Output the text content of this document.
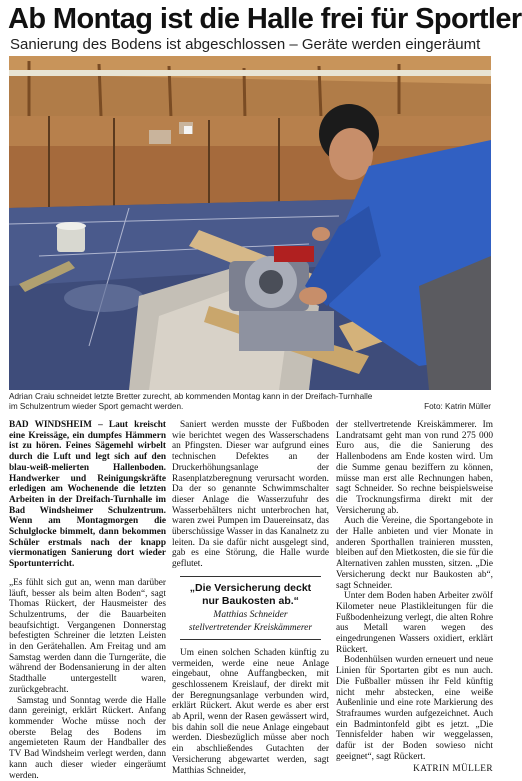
Ab Montag ist die Halle frei für Sportler
Sanierung des Bodens ist abgeschlossen – Geräte werden eingeräumt
Adrian Craiu schneidet letzte Bretter zurecht, ab kommenden Montag kann in der Dreifach-Turnhalle im Schulzentrum wieder Sport gemacht werden.	Foto: Katrin Müller

BAD WINDSHEIM – Laut kreischt eine Kreissäge, ein dumpfes Hämmern ist zu hören. Feines Sägemehl wirbelt durch die Luft und legt sich auf den blau-weiß-melierten Hallenboden. Handwerker und Reinigungskräfte erledigen am Wochenende die letzten Arbeiten in der Dreifach-Turnhalle im Bad Windsheimer Schulzentrum. Wenn am Montagmorgen die Schulglocke bimmelt, dann bekommen Schüler erstmals nach der knapp viermonatigen Sanierung dort wieder Sportunterricht.

„Es fühlt sich gut an, wenn man darüber läuft, besser als beim alten Boden“, sagt Thomas Rückert, der Hausmeister des Schulzentrums, der die Bauarbeiten beaufsichtigt. Vergangenen Donnerstag befestigten Schreiner die letzten Leisten in den Gerätehallen. Am Freitag und am Samstag werden dann die Turngeräte, die während der Bodensanierung in der alten Stadthalle untergestellt waren, zurückgebracht.

Samstag und Sonntag werde die Halle dann gereinigt, erklärt Rückert. Anfang kommender Woche müsse noch der oberste Belag des Bodens im angemieteten Raum der Handballer des TV Bad Windsheim verlegt werden, dann kann auch dieser wieder eingeräumt werden.

Saniert werden musste der Fußboden wie berichtet wegen des Wasserschadens an Pfingsten. Dieser war aufgrund eines technischen Defektes an der Druckerhöhungsanlage der Rasenplatzberegnung verursacht worden. Da der so genannte Schwimmschalter dieser Anlage die Wasserzufuhr des Wasserbehälters nicht unterbrochen hat, waren zwei Pumpen im Dauereinsatz, das überschüssige Wasser in das Kanalnetz zu leiten. Da sie dafür nicht ausgelegt sind, gab es eine Störung, die Halle wurde geflutet.

„Die Versicherung deckt nur Baukosten ab.“
Matthias Schneider
stellvertretender Kreiskämmerer

Um einen solchen Schaden künftig zu vermeiden, werde eine neue Anlage eingebaut, ohne Auffangbecken, mit geschlossenem Kreislauf, der direkt mit der Beregnungsanlage verbunden wird, erklärt Rückert. Akut werde es aber erst ab April, wenn der Rasen gewässert wird, bis dahin soll die neue Anlage eingebaut werden. Diesbezüglich müsse aber noch ein abschließendes Gutachten der Versicherung abgewartet werden, sagt Matthias Schneider,

der stellvertretende Kreiskämmerer. Im Landratsamt geht man von rund 275 000 Euro aus, die die Sanierung des Hallenbodens am Ende kosten wird. Um die Summe genau beziffern zu können, müsse man erst alle Rechnungen haben, sagt Schneider. So rechne beispielsweise die Trocknungsfirma direkt mit der Versicherung ab.

Auch die Vereine, die Sportangebote in der Halle anbieten und vier Monate in anderen Sporthallen trainieren mussten, bleiben auf den Mietkosten, die sie für die Alternativen zahlen mussten, sitzen. „Die Versicherung deckt nur Baukosten ab“, sagt Schneider.

Unter dem Boden haben Arbeiter zwölf Kilometer neue Plastikleitungen für die Fußbodenheizung verlegt, die alten Rohre aus Metall waren wegen des eingedrungenen Wassers oxidiert, erklärt Rückert.

Bodenhülsen wurden erneuert und neue Linien für Sportarten gibt es nun auch. Die Fußballer müssen ihr Feld künftig nicht mehr abstecken, eine weiße Außenlinie und eine rote Markierung des Strafraumes wurden aufgezeichnet. Auch ein Badmintonfeld gibt es jetzt. „Die Tennisfelder haben wir weggelassen, dafür ist der Boden sowieso nicht geeignet“, sagt Rückert.

KATRIN MÜLLER
